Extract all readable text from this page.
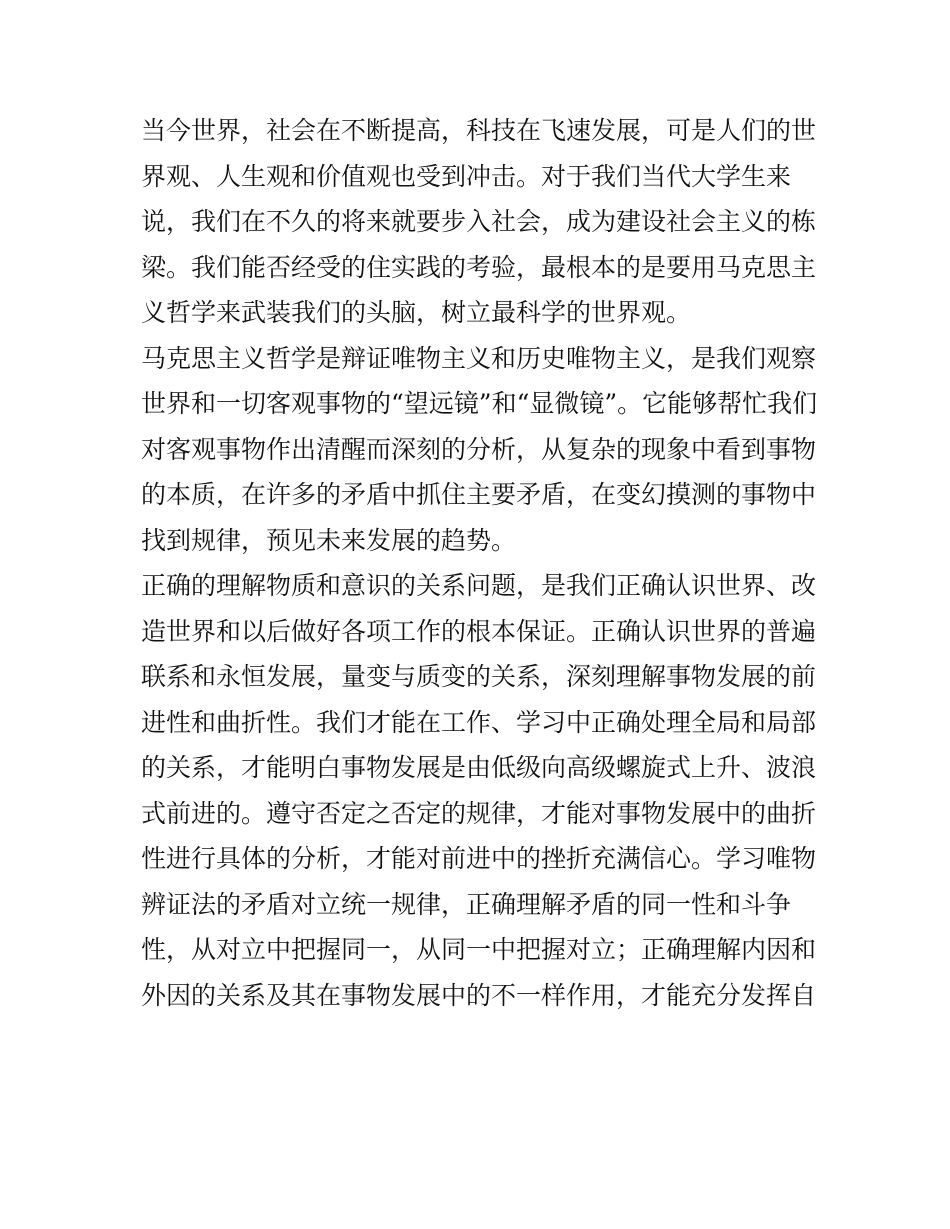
当今世界，社会在不断提高，科技在飞速发展，可是人们的世
界观、人生观和价值观也受到冲击。对于我们当代大学生来
说，我们在不久的将来就要步入社会，成为建设社会主义的栋
梁。我们能否经受的住实践的考验，最根本的是要用马克思主
义哲学来武装我们的头脑，树立最科学的世界观。
马克思主义哲学是辩证唯物主义和历史唯物主义，是我们观察
世界和一切客观事物的“望远镜”和“显微镜”。它能够帮忙我们
对客观事物作出清醒而深刻的分析，从复杂的现象中看到事物
的本质，在许多的矛盾中抓住主要矛盾，在变幻摸测的事物中
找到规律，预见未来发展的趋势。
正确的理解物质和意识的关系问题，是我们正确认识世界、改
造世界和以后做好各项工作的根本保证。正确认识世界的普遍
联系和永恒发展，量变与质变的关系，深刻理解事物发展的前
进性和曲折性。我们才能在工作、学习中正确处理全局和局部
的关系，才能明白事物发展是由低级向高级螺旋式上升、波浪
式前进的。遵守否定之否定的规律，才能对事物发展中的曲折
性进行具体的分析，才能对前进中的挫折充满信心。学习唯物
辨证法的矛盾对立统一规律，正确理解矛盾的同一性和斗争
性，从对立中把握同一，从同一中把握对立；正确理解内因和
外因的关系及其在事物发展中的不一样作用，才能充分发挥自
